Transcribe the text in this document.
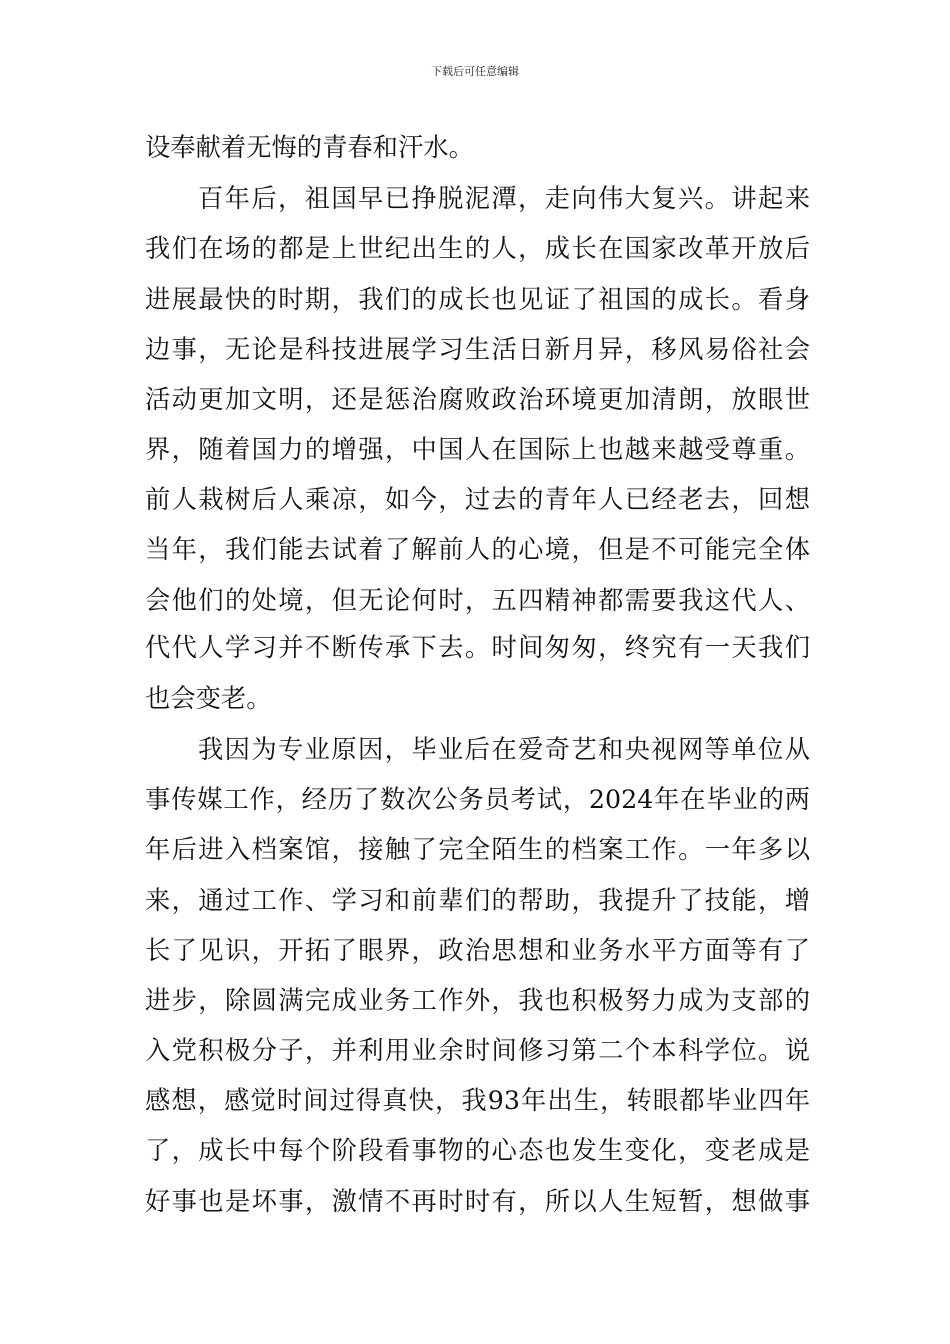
下载后可任意编辑

设奉献着无悔的青春和汗水。

百年后，祖国早已挣脱泥潭，走向伟大复兴。讲起来

我们在场的都是上世纪出生的人，成长在国家改革开放后

进展最快的时期，我们的成长也见证了祖国的成长。看身

边事，无论是科技进展学习生活日新月异，移风易俗社会

活动更加文明，还是惩治腐败政治环境更加清朗，放眼世

界，随着国力的增强，中国人在国际上也越来越受尊重。

前人栽树后人乘凉，如今，过去的青年人已经老去，回想

当年，我们能去试着了解前人的心境，但是不可能完全体

会他们的处境，但无论何时，五四精神都需要我这代人、

代代人学习并不断传承下去。时间匆匆，终究有一天我们

也会变老。

我因为专业原因，毕业后在爱奇艺和央视网等单位从

事传媒工作，经历了数次公务员考试，2024年在毕业的两

年后进入档案馆，接触了完全陌生的档案工作。一年多以

来，通过工作、学习和前辈们的帮助，我提升了技能，增

长了见识，开拓了眼界，政治思想和业务水平方面等有了

进步，除圆满完成业务工作外，我也积极努力成为支部的

入党积极分子，并利用业余时间修习第二个本科学位。说

感想，感觉时间过得真快，我93年出生，转眼都毕业四年

了，成长中每个阶段看事物的心态也发生变化，变老成是

好事也是坏事，激情不再时时有，所以人生短暂，想做事
